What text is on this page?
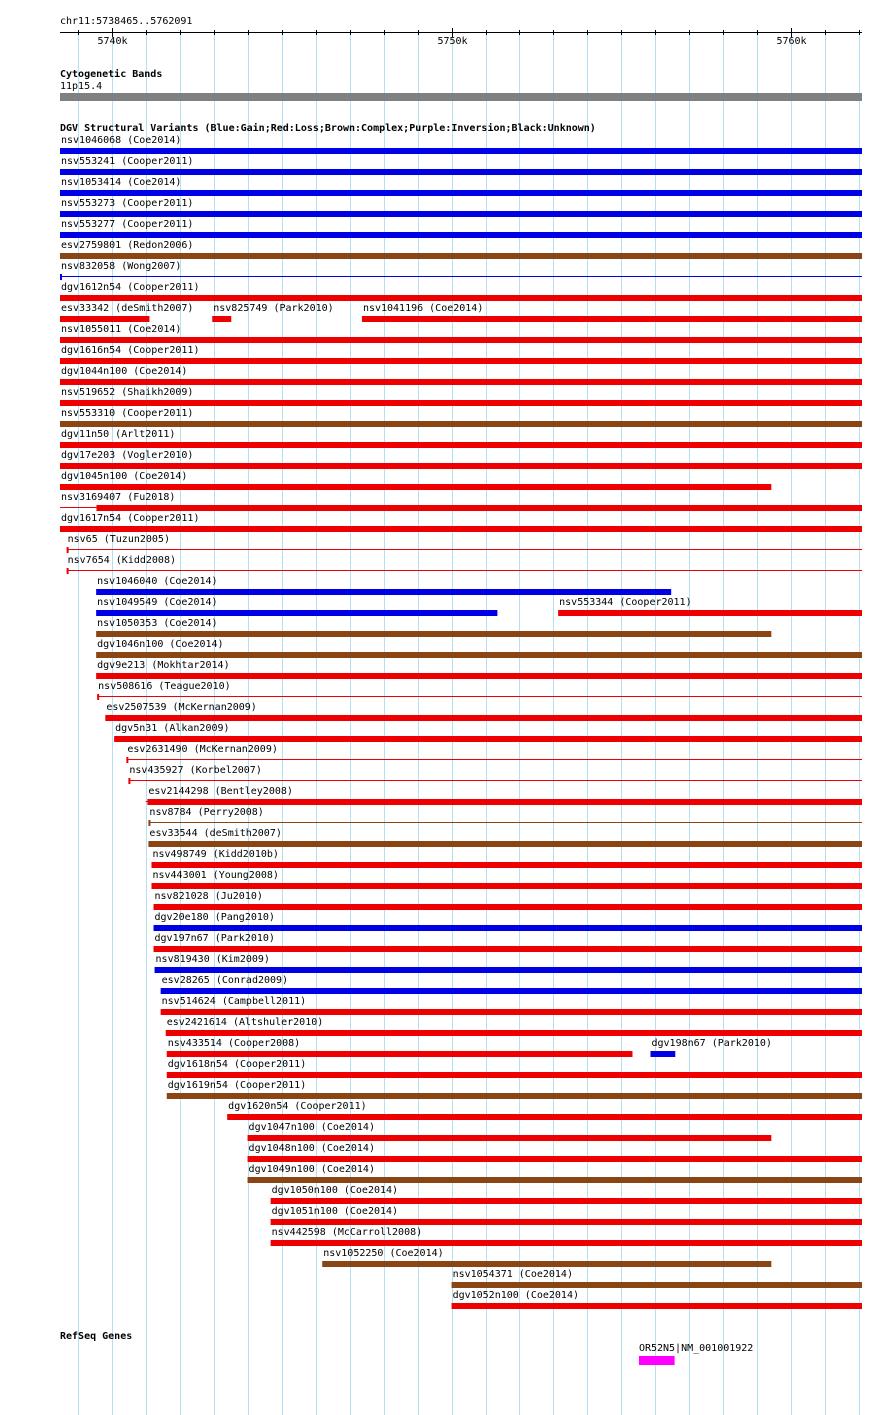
chr11:5738465..5762091
5740k	5750k	5760k
Cytogenetic Bands
11p15.4
DGV Structural Variants (Blue:Gain;Red:Loss;Brown:Complex;Purple:Inversion;Black:Unknown)
nsv1046068 (Coe2014)
nsv553241 (Cooper2011)
nsv1053414 (Coe2014)
nsv553273 (Cooper2011)
nsv553277 (Cooper2011)
esv2759801 (Redon2006)
nsv832058 (Wong2007)
dgv1612n54 (Cooper2011)
esv33342 (deSmith2007) nsv825749 (Park2010)	nsv1041196 (Coe2014)
nsv1055011 (Coe2014)
dgv1616n54 (Cooper2011)
dgv1044n100 (Coe2014)
nsv519652 (Shaikh2009)
nsv553310 (Cooper2011)
dgv11n50 (Arlt2011)
dgv17e203 (Vogler2010)
dgv1045n100 (Coe2014)
nsv3169407 (Fu2018)
dgv1617n54 (Cooper2011)
nsv65 (Tuzun2005)
nsv7654 (Kidd2008)
nsv1046040 (Coe2014)
nsv1049549 (Coe2014)	nsv553344 (Cooper2011)
nsv1050353 (Coe2014)
dgv1046n100 (Coe2014)
dgv9e213 (Mokhtar2014)
nsv508616 (Teague2010)
esv2507539 (McKernan2009)
dgv5n31 (Alkan2009)
esv2631490 (McKernan2009)
nsv435927 (Korbel2007)
esv2144298 (Bentley2008)
nsv8784 (Perry2008)
esv33544 (deSmith2007)
nsv498749 (Kidd2010b)
nsv443001 (Young2008)
nsv821028 (Ju2010)
dgv20e180 (Pang2010)
dgv197n67 (Park2010)
nsv819430 (Kim2009)
esv28265 (Conrad2009)
nsv514624 (Campbell2011)
esv2421614 (Altshuler2010)
nsv433514 (Cooper2008)	dgv198n67 (Park2010)
dgv1618n54 (Cooper2011)
dgv1619n54 (Cooper2011)
dgv1620n54 (Cooper2011)
dgv1047n100 (Coe2014)
dgv1048n100 (Coe2014)
dgv1049n100 (Coe2014)
dgv1050n100 (Coe2014)
dgv1051n100 (Coe2014)
nsv442598 (McCarroll2008)
nsv1052250 (Coe2014)
nsv1054371 (Coe2014)
dgv1052n100 (Coe2014)
RefSeq Genes
OR52N5|NM_001001922
